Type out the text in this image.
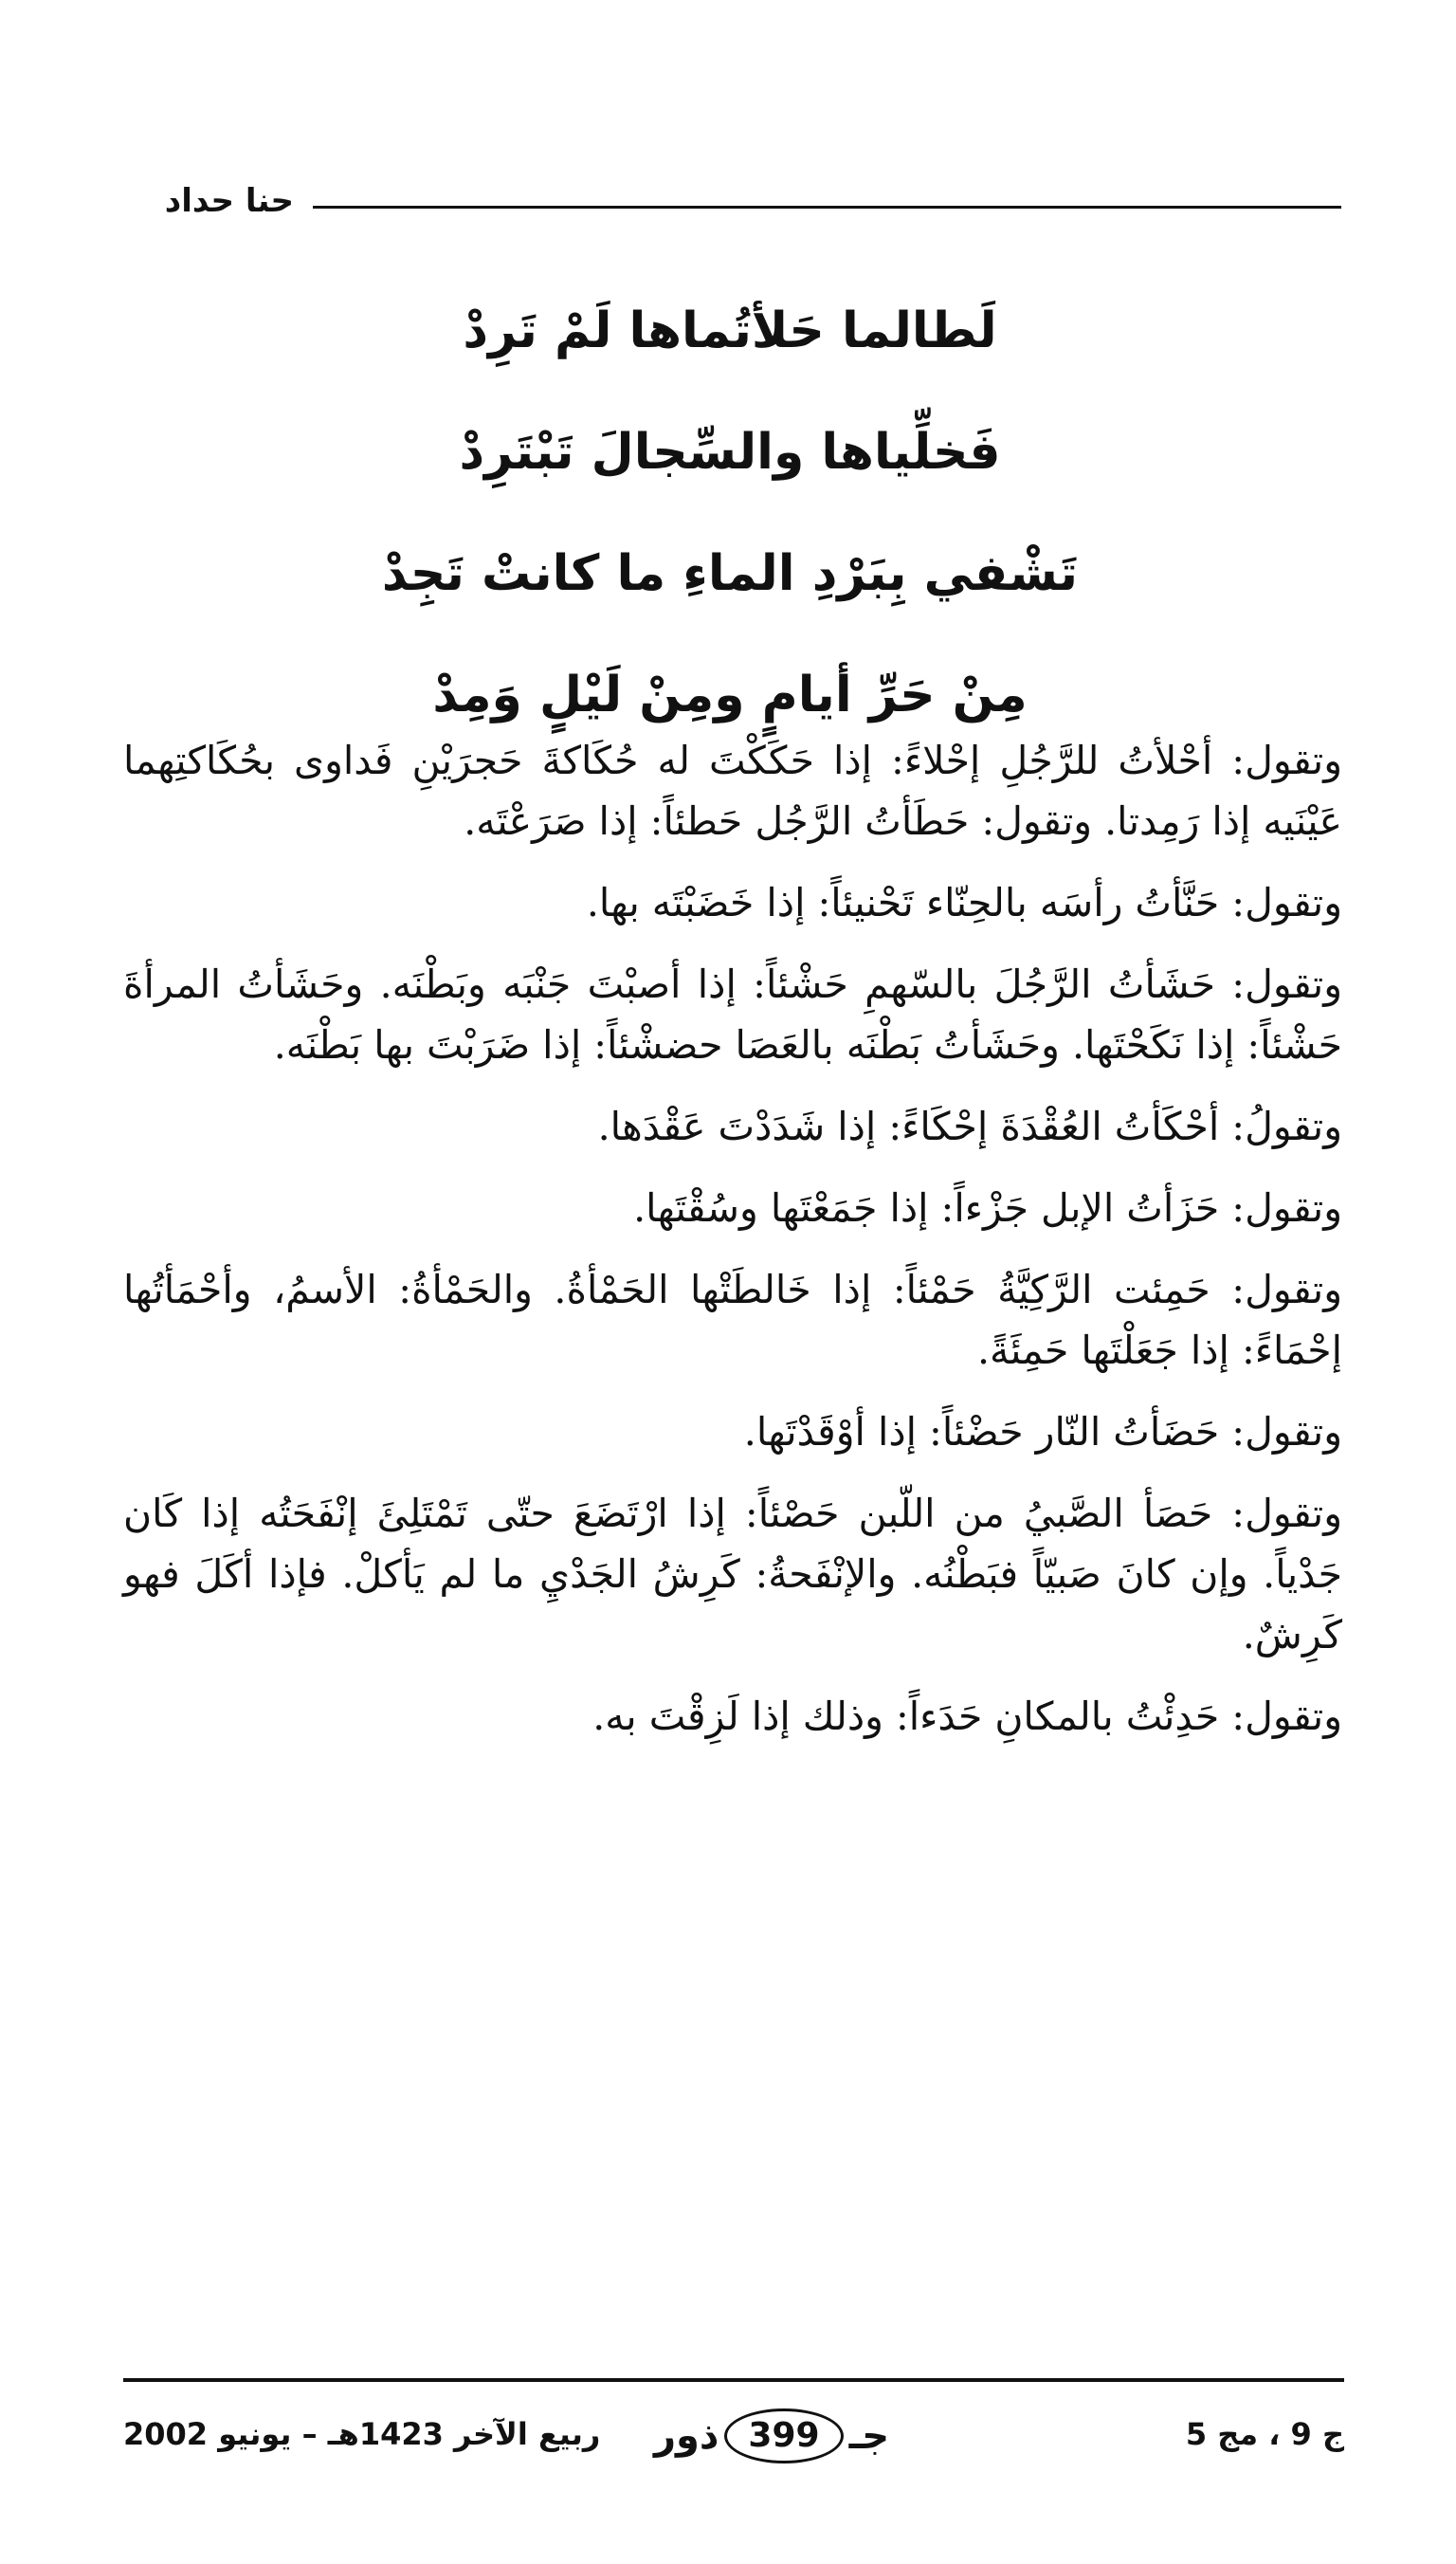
حنا حداد
لَطالما حَلأتُماها لَمْ تَرِدْ
فَخلِّياها والسِّجالَ تَبْتَرِدْ
تَشْفي بِبَرْدِ الماءِ ما كانتْ تَجِدْ
مِنْ حَرِّ أيامٍ ومِنْ لَيْلٍ وَمِدْ

وتقول: أحْلأتُ للرَّجُلِ إحْلاءً: إذا حَكَكْتَ له حُكَاكةَ حَجرَيْنِ فَداوى بحُكَاكتِهما عَيْنَيه إذا رَمِدتا. وتقول: حَطَأتُ الرَّجُل حَطئاً: إذا صَرَعْتَه.

وتقول: حَنَّأتُ رأسَه بالحِنّاء تَحْنيئاً: إذا خَضَبْتَه بها.

وتقول: حَشَأتُ الرَّجُلَ بالسّهمِ حَشْئاً: إذا أصبْتَ جَنْبَه وبَطْنَه. وحَشَأتُ المرأةَ حَشْئاً: إذا نَكَحْتَها. وحَشَأتُ بَطْنَه بالعَصَا حضشْئاً: إذا ضَرَبْتَ بها بَطْنَه.

وتقولُ: أحْكَأتُ العُقْدَةَ إحْكَاءً: إذا شَدَدْتَ عَقْدَها.

وتقول: حَزَأتُ الإبل جَزْءاً: إذا جَمَعْتَها وسُقْتَها.

وتقول: حَمِئت الرَّكِيَّةُ حَمْئاً: إذا خَالطَتْها الحَمْأةُ. والحَمْأةُ: الأسمُ، وأحْمَأتُها إحْمَاءً: إذا جَعَلْتَها حَمِئَةً.

وتقول: حَضَأتُ النّار حَضْئاً: إذا أوْقَدْتَها.

وتقول: حَصَأ الصَّبيُ من اللّبن حَصْئاً: إذا ارْتَضَعَ حتّى تَمْتَلِئَ إنْفَحَتُه إذا كَان جَدْياً. وإن كانَ صَبيّاً فبَطْنُه. والإنْفَحةُ: كَرِشُ الجَدْيِ ما لم يَأكلْ. فإذا أكَلَ فهو كَرِشٌ.

وتقول: حَدِئْتُ بالمكانِ حَدَءاً: وذلك إذا لَزِقْتَ به.

ج 9 ، مج 5
جـ
399
ذور
ربيع الآخر 1423هـ – يونيو 2002
